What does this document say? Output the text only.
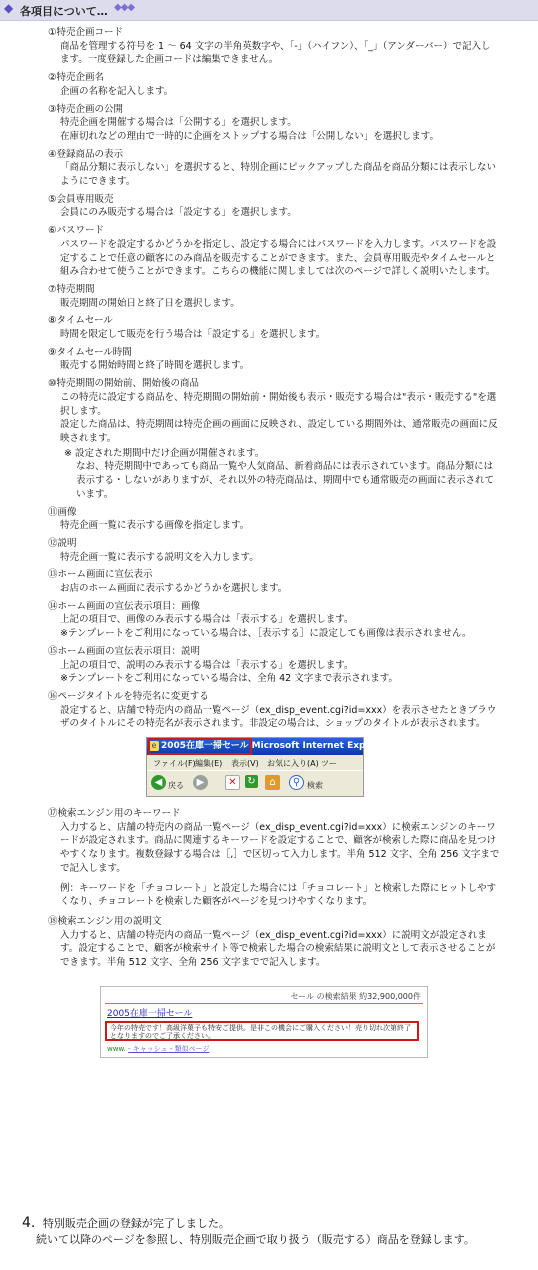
◆ 各項目について… ◆◆◆
①特売企画コード
商品を管理する符号を 1 ～ 64 文字の半角英数字や、「-」（ハイフン）、「_」（アンダーバー）で記入します。一度登録した企画コードは編集できません。
②特売企画名
企画の名称を記入します。
③特売企画の公開
特売企画を開催する場合は「公開する」を選択します。
在庫切れなどの理由で一時的に企画をストップする場合は「公開しない」を選択します。
④登録商品の表示
「商品分類に表示しない」を選択すると、特別企画にピックアップした商品を商品分類には表示しないようにできます。
⑤会員専用販売
会員にのみ販売する場合は「設定する」を選択します。
⑥パスワード
パスワードを設定するかどうかを指定し、設定する場合にはパスワードを入力します。パスワードを設定することで任意の顧客にのみ商品を販売することができます。また、会員専用販売やタイムセールと組み合わせて使うことができます。こちらの機能に関しましては次のページで詳しく説明いたします。
⑦特売期間
販売期間の開始日と終了日を選択します。
⑧タイムセール
時間を限定して販売を行う場合は「設定する」を選択します。
⑨タイムセール時間
販売する開始時間と終了時間を選択します。
⑩特売期間の開始前、開始後の商品
この特売に設定する商品を、特売期間の開始前・開始後も表示・販売する場合は"表示・販売する"を選択します。
設定した商品は、特売期間は特売企画の画面に反映され、設定している期間外は、通常販売の画面に反映されます。
※ 設定された期間中だけ企画が開催されます。
なお、特売期間中であっても商品一覧や人気商品、新着商品には表示されています。商品分類には表示する・しないがありますが、それ以外の特売商品は、期間中でも通常販売の画面に表示されています。
⑪画像
特売企画一覧に表示する画像を指定します。
⑫説明
特売企画一覧に表示する説明文を入力します。
⑬ホーム画面に宣伝表示
お店のホーム画面に表示するかどうかを選択します。
⑭ホーム画面の宣伝表示項目：画像
上記の項目で、画像のみ表示する場合は「表示する」を選択します。
※テンプレートをご利用になっている場合は、［表示する］に設定しても画像は表示されません。
⑮ホーム画面の宣伝表示項目：説明
上記の項目で、説明のみ表示する場合は「表示する」を選択します。
※テンプレートをご利用になっている場合は、全角 42 文字まで表示されます。
⑯ページタイトルを特売名に変更する
設定すると、店舗で特売内の商品一覧ページ（ex_disp_event.cgi?id=xxx）を表示させたときブラウザのタイトルにその特売名が表示されます。非設定の場合は、ショップのタイトルが表示されます。
e 2005在庫一掃セール Microsoft Internet Explor
ファイル(F) 編集(E) 表示(V) お気に入り(A) ツー
◀ 戻る	▶	✕	↻	⌂	⚲ 検索
⑰検索エンジン用のキーワード
入力すると、店舗の特売内の商品一覧ページ（ex_disp_event.cgi?id=xxx）に検索エンジンのキーワードが設定されます。商品に関連するキーワードを設定することで、顧客が検索した際に商品を見つけやすくなります。複数登録する場合は［,］で区切って入力します。半角 512 文字、全角 256 文字までで記入します。
例：キーワードを「チョコレート」と設定した場合には「チョコレート」と検索した際にヒットしやすくなり、チョコレートを検索した顧客がページを見つけやすくなります。
⑱検索エンジン用の説明文
入力すると、店舗の特売内の商品一覧ページ（ex_disp_event.cgi?id=xxx）に説明文が設定されます。設定することで、顧客が検索サイト等で検索した場合の検索結果に説明文として表示させることができます。半角 512 文字、全角 256 文字までで記入します。
セール の検索結果 約32,900,000件
2005在庫一掃セール
今年の特売です！高級洋菓子も特安ご提供。是非この機会にご購入ください！売り切れ次第終了となりますのでご了承ください。
www. - キャッシュ - 類似ページ
4. 特別販売企画の登録が完了しました。
続いて以降のページを参照し、特別販売企画で取り扱う（販売する）商品を登録します。
